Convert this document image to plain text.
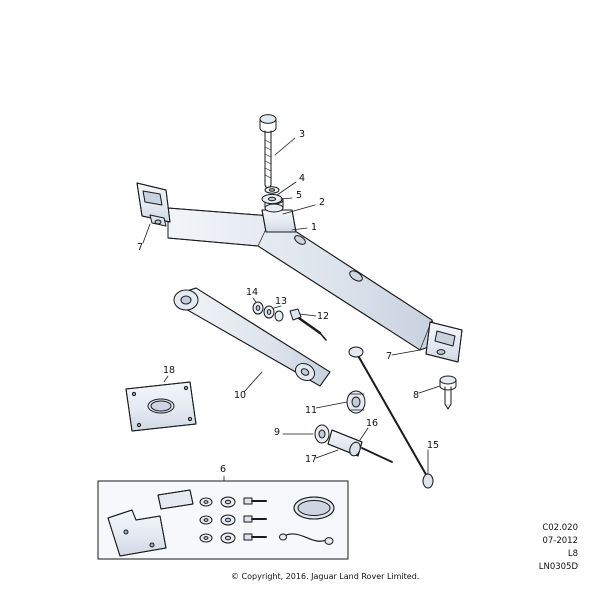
1
2
3
4
5
6
7
7
8
9
10
11
12
13
14
15
16
17
18
C02.020
07-2012
L8
LN0305D
© Copyright, 2016. Jaguar Land Rover Limited.
